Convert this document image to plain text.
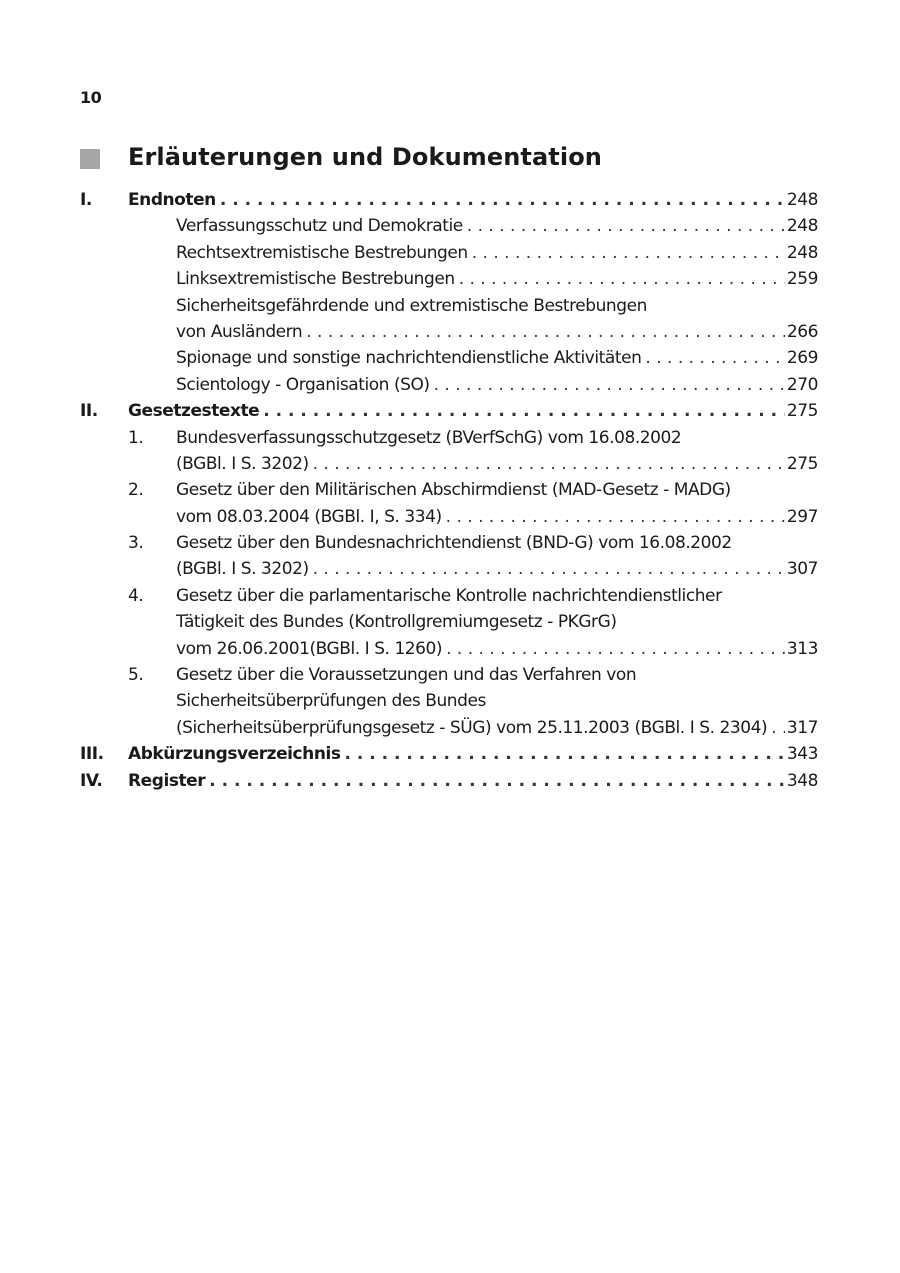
10
Erläuterungen und Dokumentation
I. Endnoten . . .	248
Verfassungsschutz und Demokratie . . .	248
Rechtsextremistische Bestrebungen . . .	248
Linksextremistische Bestrebungen . . .	259
Sicherheitsgefährdende und extremistische Bestrebungen
von Ausländern . . .	266
Spionage und sonstige nachrichtendienstliche Aktivitäten . . .	269
Scientology - Organisation (SO) . . .	270
II. Gesetzestexte . . .	275
1. Bundesverfassungsschutzgesetz (BVerfSchG) vom 16.08.2002
(BGBl. I S. 3202) . . .	275
2. Gesetz über den Militärischen Abschirmdienst (MAD-Gesetz - MADG)
vom 08.03.2004 (BGBl. I, S. 334) . . .	297
3. Gesetz über den Bundesnachrichtendienst (BND-G) vom 16.08.2002
(BGBl. I S. 3202) . . .	307
4. Gesetz über die parlamentarische Kontrolle nachrichtendienstlicher
Tätigkeit des Bundes (Kontrollgremiumgesetz - PKGrG)
vom 26.06.2001(BGBl. I S. 1260) . . .	313
5. Gesetz über die Voraussetzungen und das Verfahren von
Sicherheitsüberprüfungen des Bundes
(Sicherheitsüberprüfungsgesetz - SÜG) vom 25.11.2003 (BGBl. I S. 2304) . . . 317
III. Abkürzungsverzeichnis . . .	343
IV. Register . . .	348
